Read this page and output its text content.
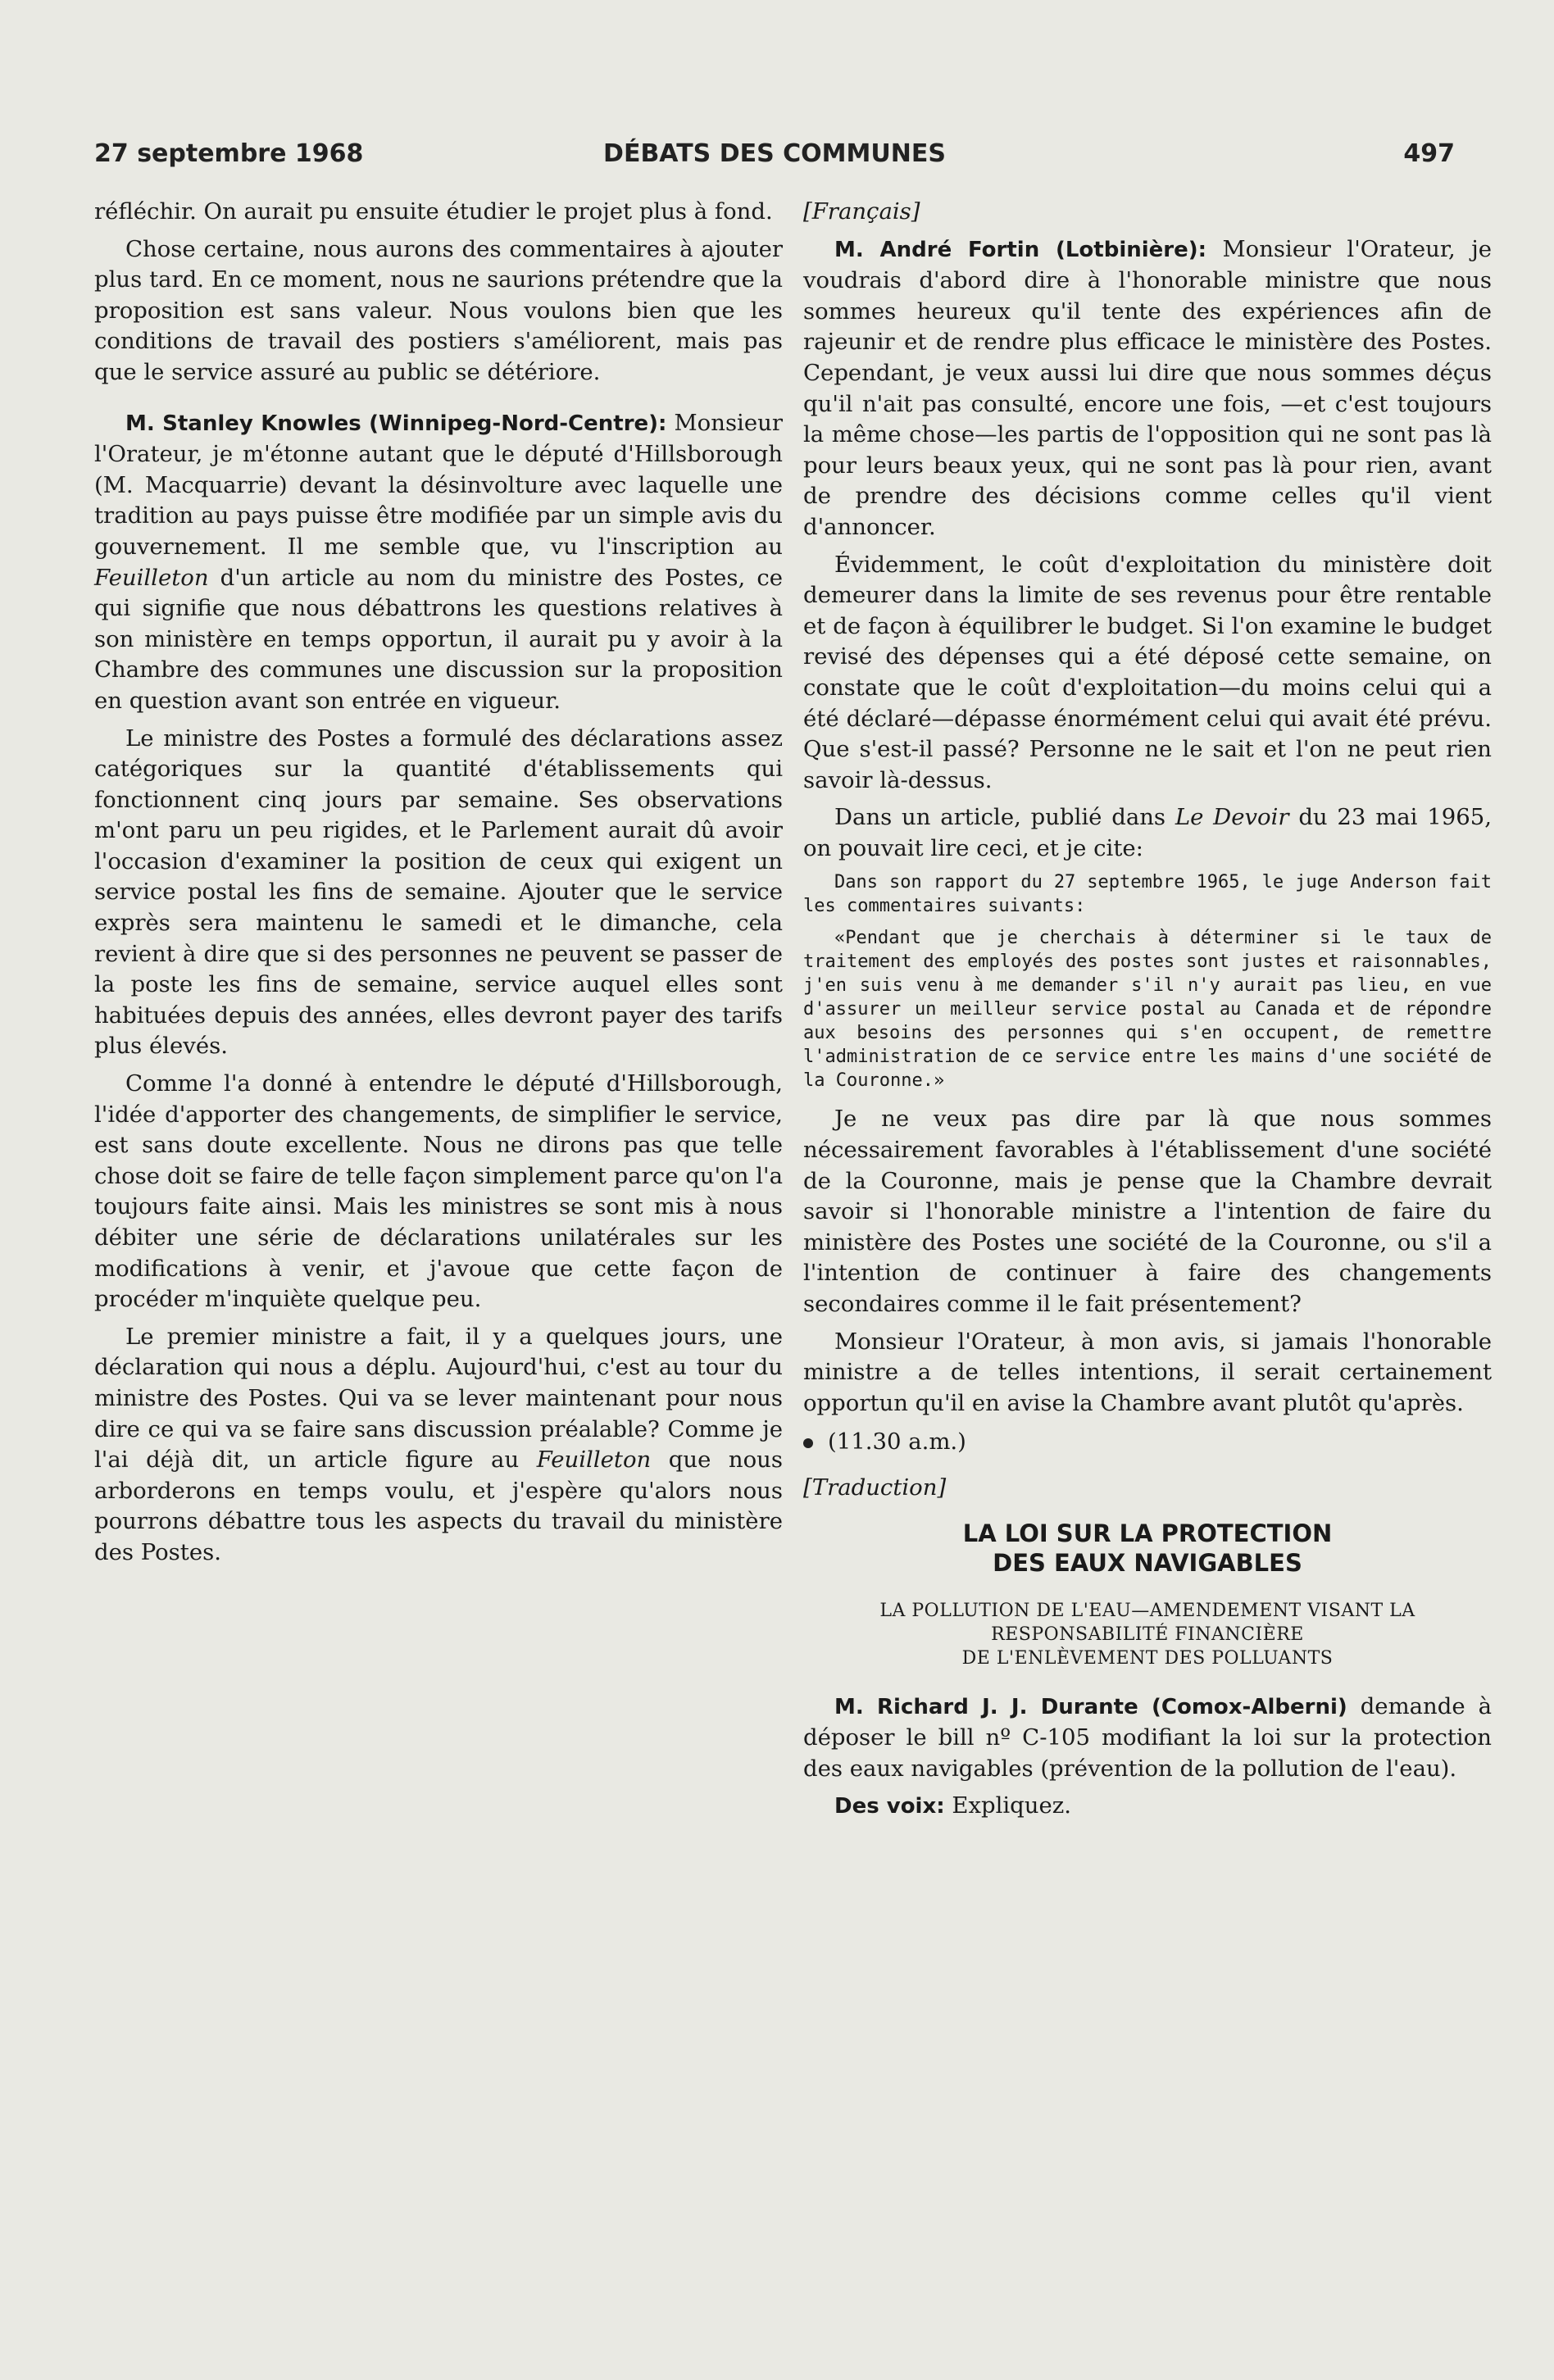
27 septembre 1968	DÉBATS DES COMMUNES	497

réfléchir. On aurait pu ensuite étudier le projet plus à fond.

Chose certaine, nous aurons des commentaires à ajouter plus tard. En ce moment, nous ne saurions prétendre que la proposition est sans valeur. Nous voulons bien que les conditions de travail des postiers s'améliorent, mais pas que le service assuré au public se détériore.

M. Stanley Knowles (Winnipeg-Nord-Centre): Monsieur l'Orateur, je m'étonne autant que le député d'Hillsborough (M. Macquarrie) devant la désinvolture avec laquelle une tradition au pays puisse être modifiée par un simple avis du gouvernement. Il me semble que, vu l'inscription au Feuilleton d'un article au nom du ministre des Postes, ce qui signifie que nous débattrons les questions relatives à son ministère en temps opportun, il aurait pu y avoir à la Chambre des communes une discussion sur la proposition en question avant son entrée en vigueur.

Le ministre des Postes a formulé des déclarations assez catégoriques sur la quantité d'établissements qui fonctionnent cinq jours par semaine. Ses observations m'ont paru un peu rigides, et le Parlement aurait dû avoir l'occasion d'examiner la position de ceux qui exigent un service postal les fins de semaine. Ajouter que le service exprès sera maintenu le samedi et le dimanche, cela revient à dire que si des personnes ne peuvent se passer de la poste les fins de semaine, service auquel elles sont habituées depuis des années, elles devront payer des tarifs plus élevés.

Comme l'a donné à entendre le député d'Hillsborough, l'idée d'apporter des changements, de simplifier le service, est sans doute excellente. Nous ne dirons pas que telle chose doit se faire de telle façon simplement parce qu'on l'a toujours faite ainsi. Mais les ministres se sont mis à nous débiter une série de déclarations unilatérales sur les modifications à venir, et j'avoue que cette façon de procéder m'inquiète quelque peu.

Le premier ministre a fait, il y a quelques jours, une déclaration qui nous a déplu. Aujourd'hui, c'est au tour du ministre des Postes. Qui va se lever maintenant pour nous dire ce qui va se faire sans discussion préalable? Comme je l'ai déjà dit, un article figure au Feuilleton que nous arborderons en temps voulu, et j'espère qu'alors nous pourrons débattre tous les aspects du travail du ministère des Postes.

[Français]

M. André Fortin (Lotbinière): Monsieur l'Orateur, je voudrais d'abord dire à l'honorable ministre que nous sommes heureux qu'il tente des expériences afin de rajeunir et de rendre plus efficace le ministère des Postes. Cependant, je veux aussi lui dire que nous sommes déçus qu'il n'ait pas consulté, encore une fois, —et c'est toujours la même chose—les partis de l'opposition qui ne sont pas là pour leurs beaux yeux, qui ne sont pas là pour rien, avant de prendre des décisions comme celles qu'il vient d'annoncer.

Évidemment, le coût d'exploitation du ministère doit demeurer dans la limite de ses revenus pour être rentable et de façon à équilibrer le budget. Si l'on examine le budget revisé des dépenses qui a été déposé cette semaine, on constate que le coût d'exploitation—du moins celui qui a été déclaré—dépasse énormément celui qui avait été prévu. Que s'est-il passé? Personne ne le sait et l'on ne peut rien savoir là-dessus.

Dans un article, publié dans Le Devoir du 23 mai 1965, on pouvait lire ceci, et je cite:

Dans son rapport du 27 septembre 1965, le juge Anderson fait les commentaires suivants:
«Pendant que je cherchais à déterminer si le taux de traitement des employés des postes sont justes et raisonnables, j'en suis venu à me demander s'il n'y aurait pas lieu, en vue d'assurer un meilleur service postal au Canada et de répondre aux besoins des personnes qui s'en occupent, de remettre l'administration de ce service entre les mains d'une société de la Couronne.»

Je ne veux pas dire par là que nous sommes nécessairement favorables à l'établissement d'une société de la Couronne, mais je pense que la Chambre devrait savoir si l'honorable ministre a l'intention de faire du ministère des Postes une société de la Couronne, ou s'il a l'intention de continuer à faire des changements secondaires comme il le fait présentement?

Monsieur l'Orateur, à mon avis, si jamais l'honorable ministre a de telles intentions, il serait certainement opportun qu'il en avise la Chambre avant plutôt qu'après.

(11.30 a.m.)

[Traduction]

LA LOI SUR LA PROTECTION
DES EAUX NAVIGABLES
LA POLLUTION DE L'EAU—AMENDEMENT VISANT LA RESPONSABILITÉ FINANCIÈRE
DE L'ENLÈVEMENT DES POLLUANTS

M. Richard J. J. Durante (Comox-Alberni) demande à déposer le bill nº C-105 modifiant la loi sur la protection des eaux navigables (prévention de la pollution de l'eau).

Des voix: Expliquez.
